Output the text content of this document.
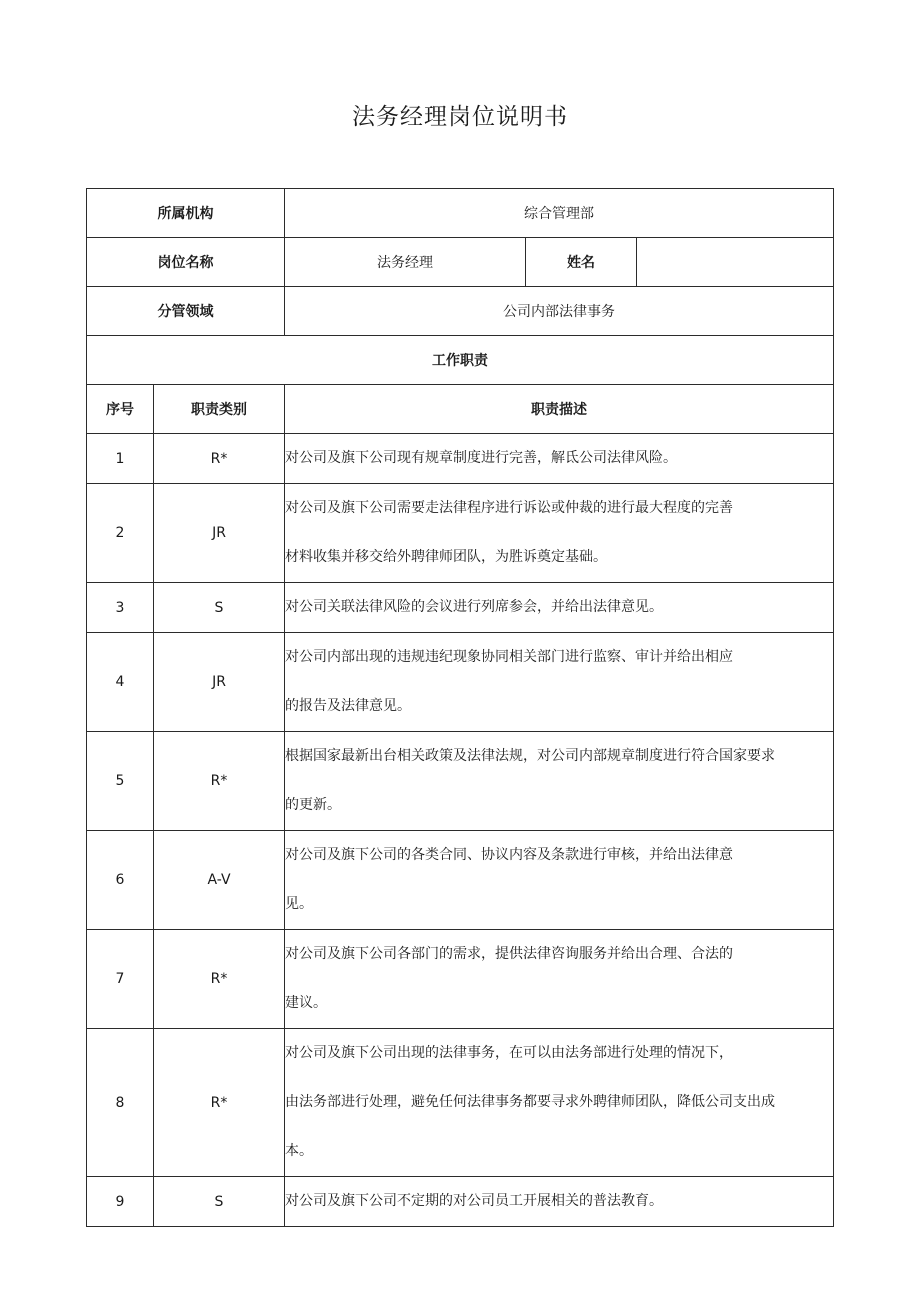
法务经理岗位说明书
所属机构		综合管理部		
岗位名称		法务经理	姓名	
分管领域		公司内部法律事务		
工作职责				
序号	职责类别	职责描述		
1	R*	对公司及旗下公司现有规章制度进行完善，解氐公司法律风险。		

2	JR	对公司及旗下公司需要走法律程序进行诉讼或仲裁的进行最大程度的完善
材料收集并移交给外聘律师团队，为胜诉奠定基础。		

3	S	对公司关联法律风险的会议进行列席参会，并给出法律意见。		

4	JR	对公司内部出现的违规违纪现象协同相关部门进行监察、审计并给出相应
的报告及法律意见。		

5	R*	根据国家最新出台相关政策及法律法规，对公司内部规章制度进行符合国家要求
的更新。		

6	A-V	对公司及旗下公司的各类合同、协议内容及条款进行审核，并给出法律意
见。		

7	R*	对公司及旗下公司各部门的需求，提供法律咨询服务并给出合理、合法的
建议。		

8	R*	对公司及旗下公司出现的法律事务，在可以由法务部进行处理的情况下，
由法务部进行处理，避免任何法律事务都要寻求外聘律师团队，降低公司支出成
本。		

9	S	对公司及旗下公司不定期的对公司员工开展相关的普法教育。		
